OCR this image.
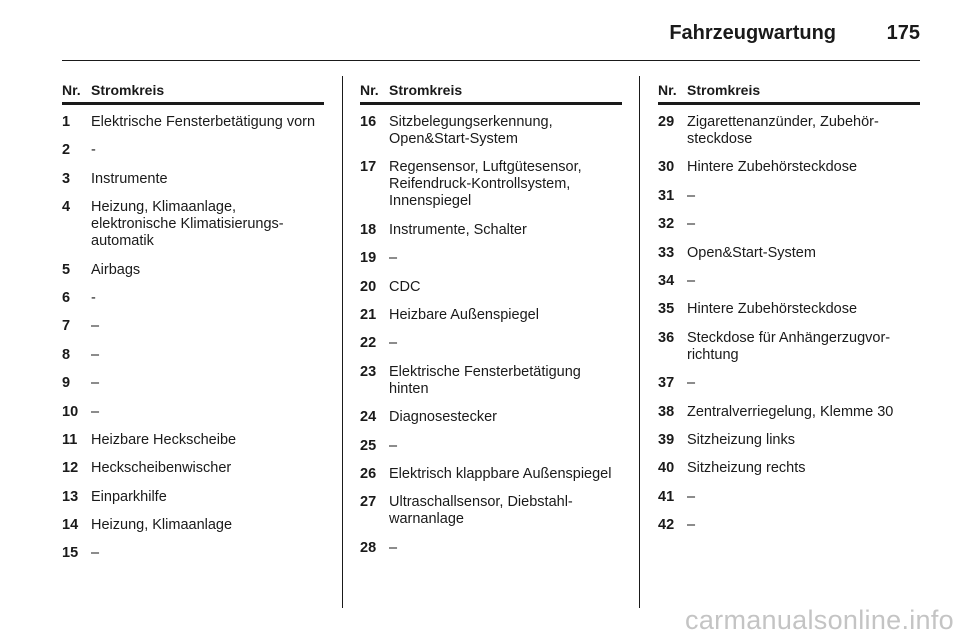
Fahrzeugwartung	175
Nr. Stromkreis
1 Elektrische Fensterbetätigung vorn
2 -
3 Instrumente
4 Heizung, Klimaanlage, elektronische Klimatisierungs-automatik
5 Airbags
6 -
7 –
8 –
9 –
10 –
11 Heizbare Heckscheibe
12 Heckscheibenwischer
13 Einparkhilfe
14 Heizung, Klimaanlage
15 –
Nr. Stromkreis
16 Sitzbelegungserkennung, Open&Start-System
17 Regensensor, Luftgütesensor, Reifendruck-Kontrollsystem, Innenspiegel
18 Instrumente, Schalter
19 –
20 CDC
21 Heizbare Außenspiegel
22 –
23 Elektrische Fensterbetätigung hinten
24 Diagnosestecker
25 –
26 Elektrisch klappbare Außenspiegel
27 Ultraschallsensor, Diebstahl-warnanlage
28 –
Nr. Stromkreis
29 Zigarettenanzünder, Zubehör-steckdose
30 Hintere Zubehörsteckdose
31 –
32 –
33 Open&Start-System
34 –
35 Hintere Zubehörsteckdose
36 Steckdose für Anhängerzugvor-richtung
37 –
38 Zentralverriegelung, Klemme 30
39 Sitzheizung links
40 Sitzheizung rechts
41 –
42 –
carmanualsonline.info
